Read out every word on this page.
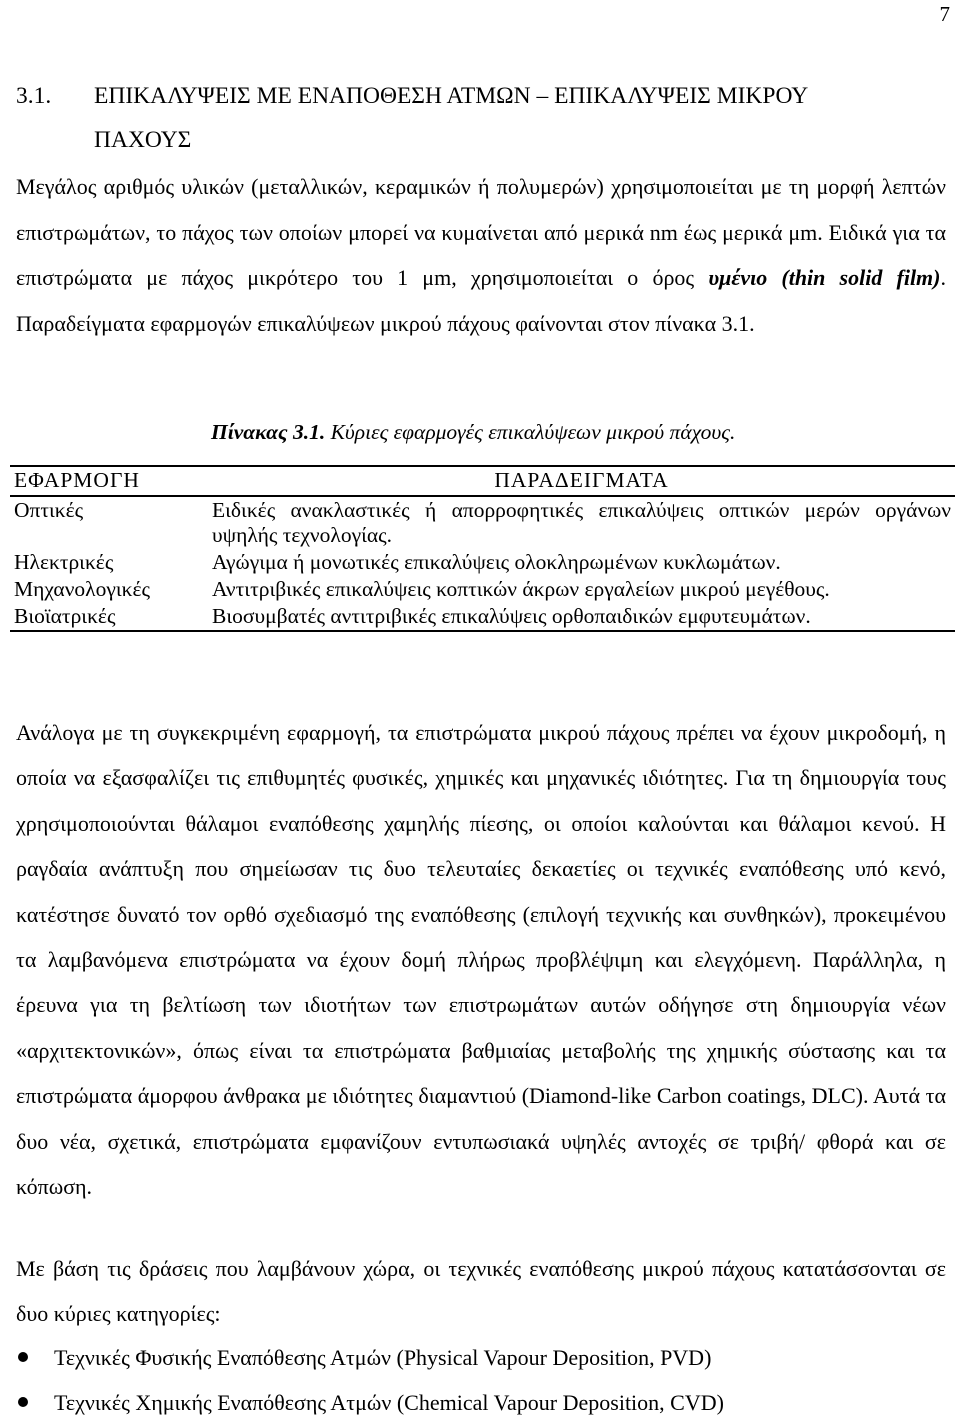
7
3.1. ΕΠΙΚΑΛΥΨΕΙΣ ΜΕ ΕΝΑΠΟΘΕΣΗ ΑΤΜΩΝ – ΕΠΙΚΑΛΥΨΕΙΣ ΜΙΚΡΟΥ
ΠΑΧΟΥΣ
Μεγάλος αριθμός υλικών (μεταλλικών, κεραμικών ή πολυμερών) χρησιμοποιείται με τη μορφή λεπτών επιστρωμάτων, το πάχος των οποίων μπορεί να κυμαίνεται από μερικά nm έως μερικά μm. Ειδικά για τα επιστρώματα με πάχος μικρότερο του 1 μm, χρησιμοποιείται ο όρος υμένιο (thin solid film). Παραδείγματα εφαρμογών επικαλύψεων μικρού πάχους φαίνονται στον πίνακα 3.1.
Πίνακας 3.1. Κύριες εφαρμογές επικαλύψεων μικρού πάχους.
ΕΦΑΡΜΟΓΗ	ΠΑΡΑΔΕΙΓΜΑΤΑ
Οπτικές	Ειδικές ανακλαστικές ή απορροφητικές επικαλύψεις οπτικών μερών οργάνων υψηλής τεχνολογίας.
Ηλεκτρικές	Αγώγιμα ή μονωτικές επικαλύψεις ολοκληρωμένων κυκλωμάτων.
Μηχανολογικές	Αντιτριβικές επικαλύψεις κοπτικών άκρων εργαλείων μικρού μεγέθους.
Βιοϊατρικές	Βιοσυμβατές αντιτριβικές επικαλύψεις ορθοπαιδικών εμφυτευμάτων.
Ανάλογα με τη συγκεκριμένη εφαρμογή, τα επιστρώματα μικρού πάχους πρέπει να έχουν μικροδομή, η οποία να εξασφαλίζει τις επιθυμητές φυσικές, χημικές και μηχανικές ιδιότητες. Για τη δημιουργία τους χρησιμοποιούνται θάλαμοι εναπόθεσης χαμηλής πίεσης, οι οποίοι καλούνται και θάλαμοι κενού. Η ραγδαία ανάπτυξη που σημείωσαν τις δυο τελευταίες δεκαετίες οι τεχνικές εναπόθεσης υπό κενό, κατέστησε δυνατό τον ορθό σχεδιασμό της εναπόθεσης (επιλογή τεχνικής και συνθηκών), προκειμένου τα λαμβανόμενα επιστρώματα να έχουν δομή πλήρως προβλέψιμη και ελεγχόμενη. Παράλληλα, η έρευνα για τη βελτίωση των ιδιοτήτων των επιστρωμάτων αυτών οδήγησε στη δημιουργία νέων «αρχιτεκτονικών», όπως είναι τα επιστρώματα βαθμιαίας μεταβολής της χημικής σύστασης και τα επιστρώματα άμορφου άνθρακα με ιδιότητες διαμαντιού (Diamond-like Carbon coatings, DLC). Αυτά τα δυο νέα, σχετικά, επιστρώματα εμφανίζουν εντυπωσιακά υψηλές αντοχές σε τριβή/ φθορά και σε κόπωση.
Με βάση τις δράσεις που λαμβάνουν χώρα, οι τεχνικές εναπόθεσης μικρού πάχους κατατάσσονται σε δυο κύριες κατηγορίες:
Τεχνικές Φυσικής Εναπόθεσης Ατμών (Physical Vapour Deposition, PVD)
Τεχνικές Χημικής Εναπόθεσης Ατμών (Chemical Vapour Deposition, CVD)
